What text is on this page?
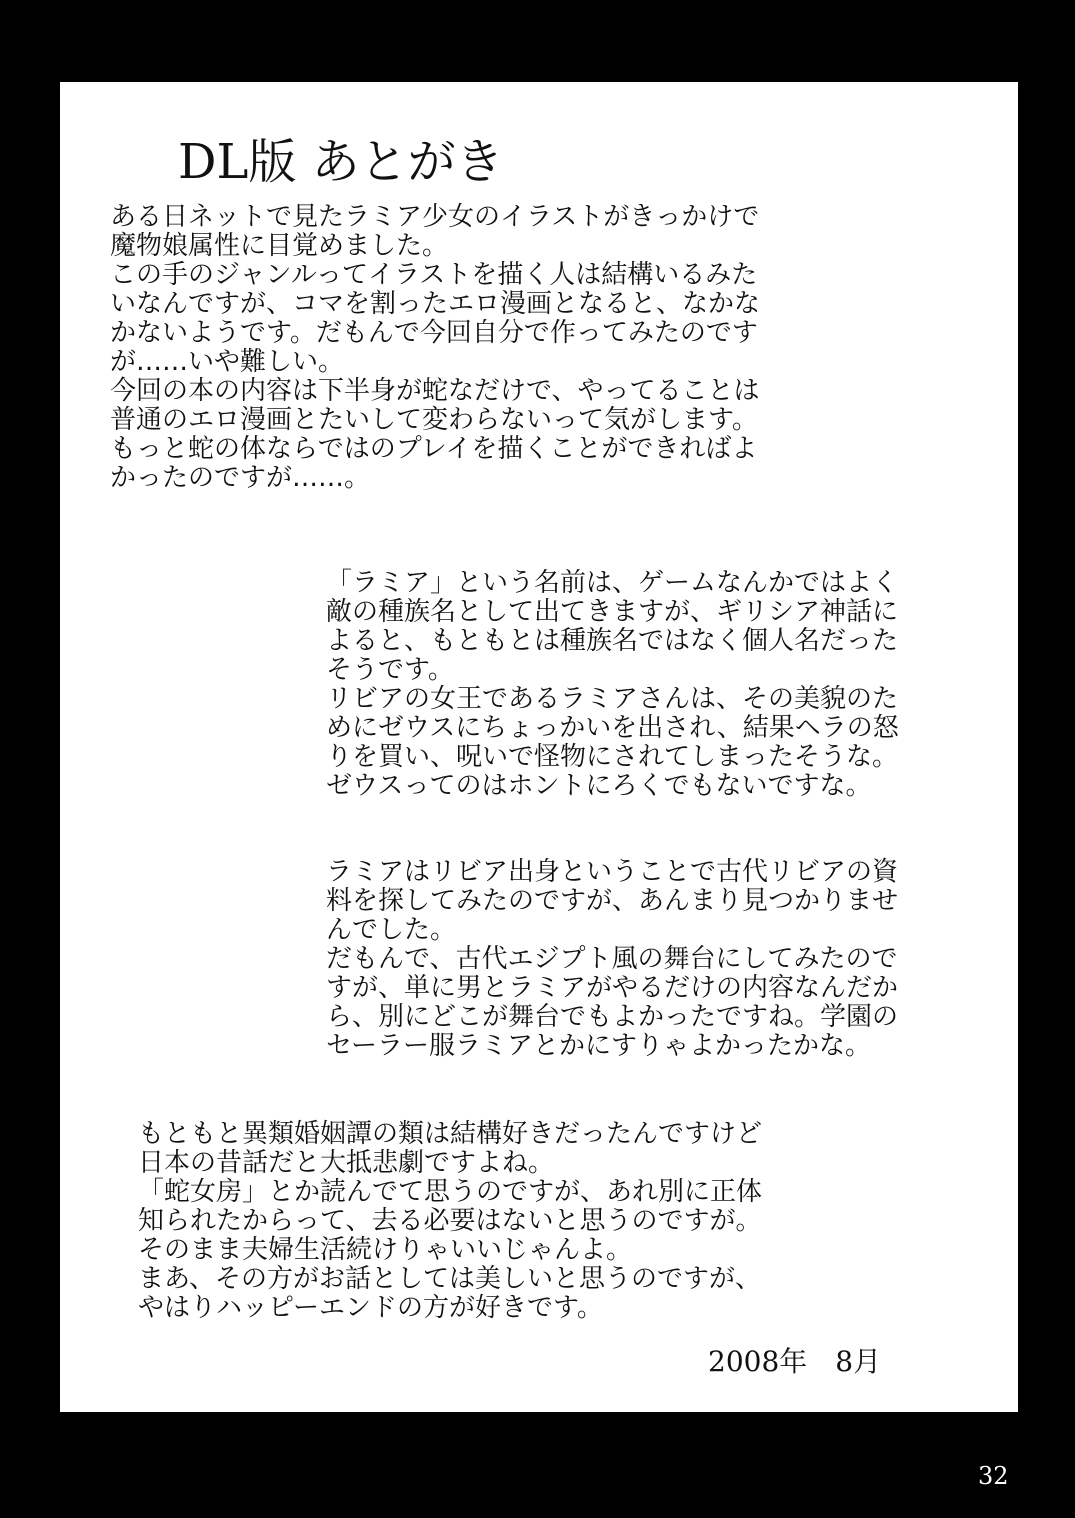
DL版 あとがき
ある日ネットで見たラミア少女のイラストがきっかけで
魔物娘属性に目覚めました。
この手のジャンルってイラストを描く人は結構いるみた
いなんですが、コマを割ったエロ漫画となると、なかな
かないようです。だもんで今回自分で作ってみたのです
が……いや難しい。
今回の本の内容は下半身が蛇なだけで、やってることは
普通のエロ漫画とたいして変わらないって気がします。
もっと蛇の体ならではのプレイを描くことができればよ
かったのですが……。
「ラミア」という名前は、ゲームなんかではよく
敵の種族名として出てきますが、ギリシア神話に
よると、もともとは種族名ではなく個人名だった
そうです。
リビアの女王であるラミアさんは、その美貌のた
めにゼウスにちょっかいを出され、結果ヘラの怒
りを買い、呪いで怪物にされてしまったそうな。
ゼウスってのはホントにろくでもないですな。
ラミアはリビア出身ということで古代リビアの資
料を探してみたのですが、あんまり見つかりませ
んでした。
だもんで、古代エジプト風の舞台にしてみたので
すが、単に男とラミアがやるだけの内容なんだか
ら、別にどこが舞台でもよかったですね。学園の
セーラー服ラミアとかにすりゃよかったかな。
もともと異類婚姻譚の類は結構好きだったんですけど
日本の昔話だと大抵悲劇ですよね。
「蛇女房」とか読んでて思うのですが、あれ別に正体
知られたからって、去る必要はないと思うのですが。
そのまま夫婦生活続けりゃいいじゃんよ。
まあ、その方がお話としては美しいと思うのですが、
やはりハッピーエンドの方が好きです。
2008年　8月
32
